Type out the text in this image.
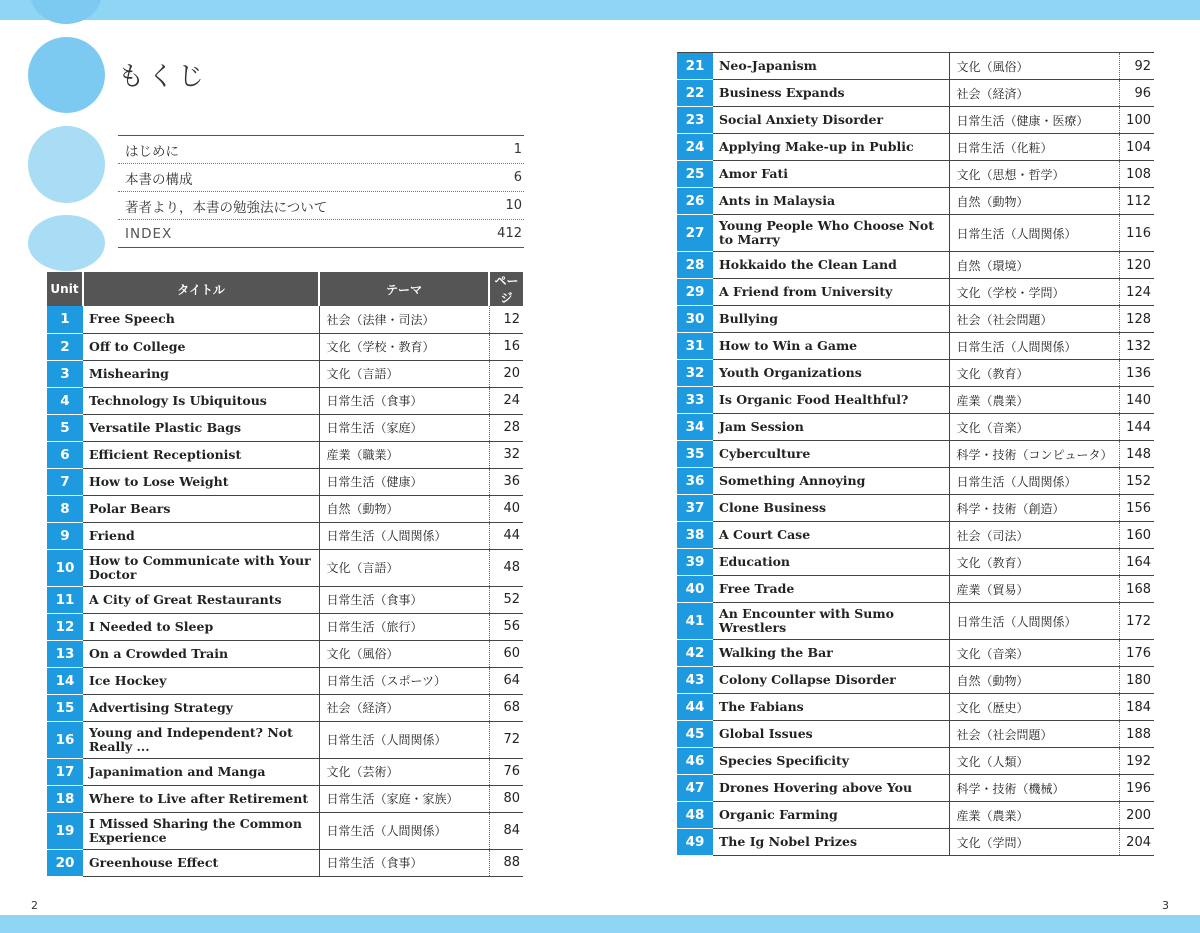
もくじ
はじめに	1
本書の構成	6
著者より，本書の勉強法について	10
INDEX	412
Unit	タイトル	テーマ	ページ
1	Free Speech	社会（法律・司法）	12
2	Off to College	文化（学校・教育）	16
3	Mishearing	文化（言語）	20
4	Technology Is Ubiquitous	日常生活（食事）	24
5	Versatile Plastic Bags	日常生活（家庭）	28
6	Efficient Receptionist	産業（職業）	32
7	How to Lose Weight	日常生活（健康）	36
8	Polar Bears	自然（動物）	40
9	Friend	日常生活（人間関係）	44
10	How to Communicate with Your Doctor	文化（言語）	48
11	A City of Great Restaurants	日常生活（食事）	52
12	I Needed to Sleep	日常生活（旅行）	56
13	On a Crowded Train	文化（風俗）	60
14	Ice Hockey	日常生活（スポーツ）	64
15	Advertising Strategy	社会（経済）	68
16	Young and Independent? Not Really ...	日常生活（人間関係）	72
17	Japanimation and Manga	文化（芸術）	76
18	Where to Live after Retirement	日常生活（家庭・家族）	80
19	I Missed Sharing the Common Experience	日常生活（人間関係）	84
20	Greenhouse Effect	日常生活（食事）	88
21	Neo-Japanism	文化（風俗）	92
22	Business Expands	社会（経済）	96
23	Social Anxiety Disorder	日常生活（健康・医療）	100
24	Applying Make-up in Public	日常生活（化粧）	104
25	Amor Fati	文化（思想・哲学）	108
26	Ants in Malaysia	自然（動物）	112
27	Young People Who Choose Not to Marry	日常生活（人間関係）	116
28	Hokkaido the Clean Land	自然（環境）	120
29	A Friend from University	文化（学校・学問）	124
30	Bullying	社会（社会問題）	128
31	How to Win a Game	日常生活（人間関係）	132
32	Youth Organizations	文化（教育）	136
33	Is Organic Food Healthful?	産業（農業）	140
34	Jam Session	文化（音楽）	144
35	Cyberculture	科学・技術（コンピュータ）	148
36	Something Annoying	日常生活（人間関係）	152
37	Clone Business	科学・技術（創造）	156
38	A Court Case	社会（司法）	160
39	Education	文化（教育）	164
40	Free Trade	産業（貿易）	168
41	An Encounter with Sumo Wrestlers	日常生活（人間関係）	172
42	Walking the Bar	文化（音楽）	176
43	Colony Collapse Disorder	自然（動物）	180
44	The Fabians	文化（歴史）	184
45	Global Issues	社会（社会問題）	188
46	Species Specificity	文化（人類）	192
47	Drones Hovering above You	科学・技術（機械）	196
48	Organic Farming	産業（農業）	200
49	The Ig Nobel Prizes	文化（学問）	204
2	3
